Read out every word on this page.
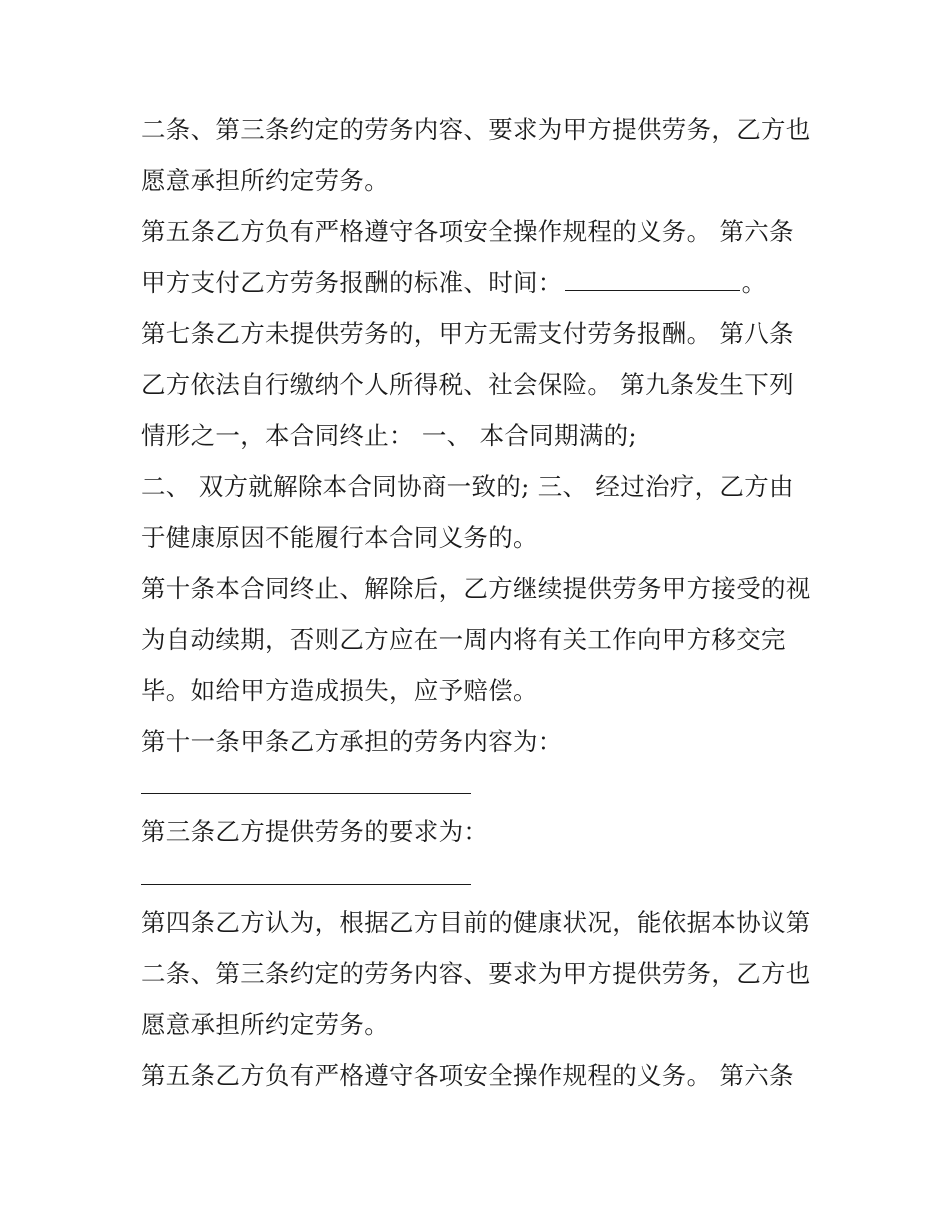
二条、第三条约定的劳务内容、要求为甲方提供劳务，乙方也
愿意承担所约定劳务。
第五条乙方负有严格遵守各项安全操作规程的义务。 第六条
甲方支付乙方劳务报酬的标准、时间：	。
第七条乙方未提供劳务的，甲方无需支付劳务报酬。 第八条
乙方依法自行缴纳个人所得税、社会保险。 第九条发生下列
情形之一，本合同终止： 一、 本合同期满的;
二、 双方就解除本合同协商一致的; 三、 经过治疗，乙方由
于健康原因不能履行本合同义务的。
第十条本合同终止、解除后，乙方继续提供劳务甲方接受的视
为自动续期，否则乙方应在一周内将有关工作向甲方移交完
毕。如给甲方造成损失，应予赔偿。
第十一条甲条乙方承担的劳务内容为：
第三条乙方提供劳务的要求为：
第四条乙方认为，根据乙方目前的健康状况，能依据本协议第
二条、第三条约定的劳务内容、要求为甲方提供劳务，乙方也
愿意承担所约定劳务。
第五条乙方负有严格遵守各项安全操作规程的义务。 第六条
